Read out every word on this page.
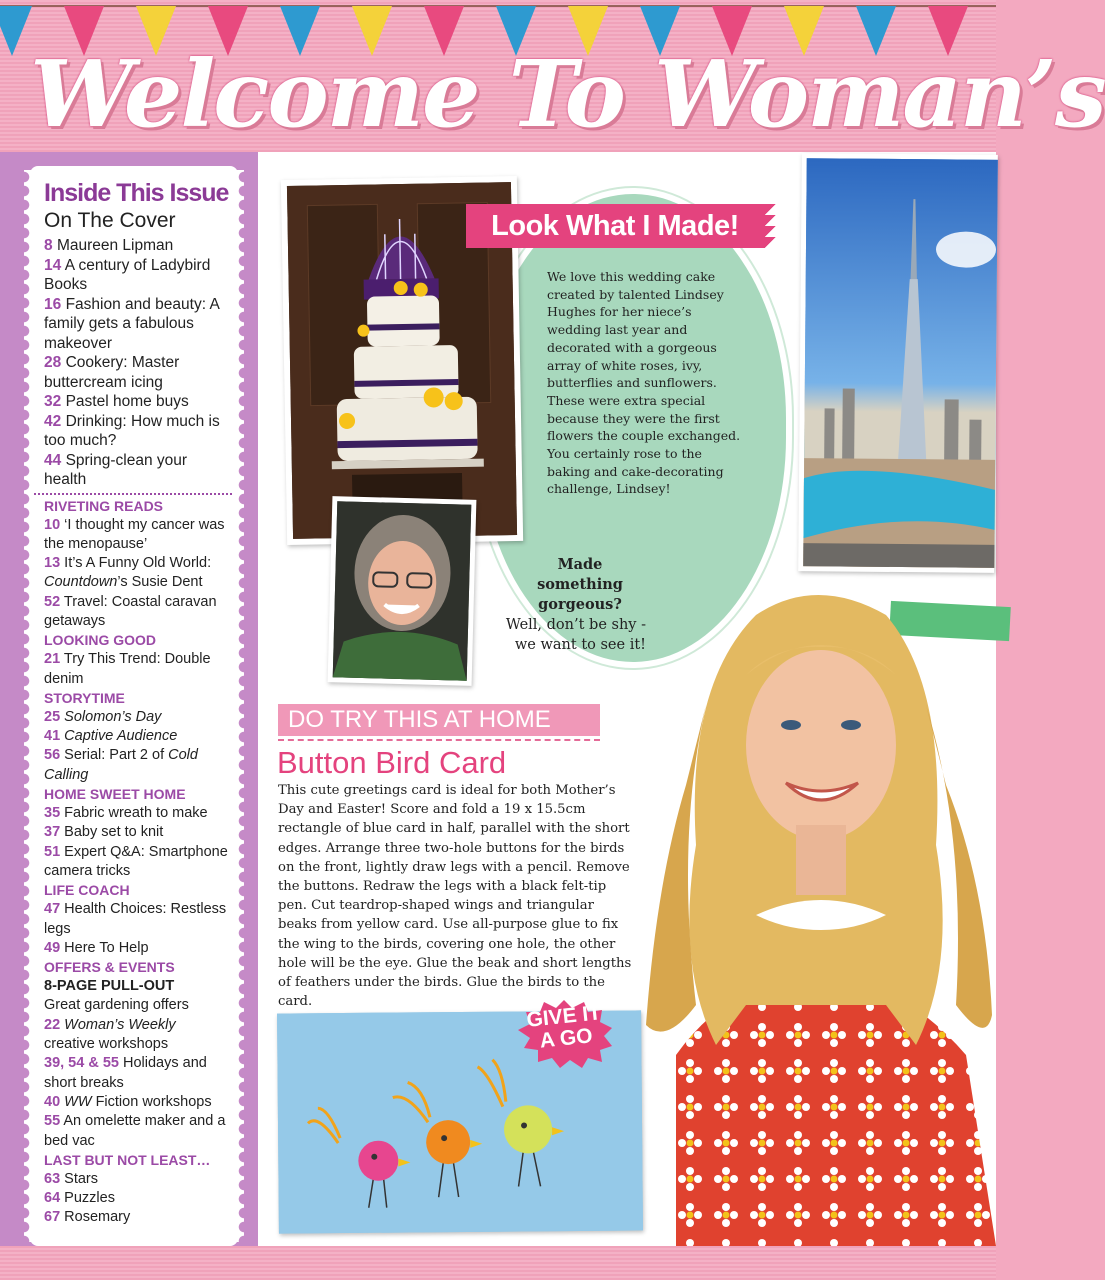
Welcome To Woman’s
Inside This Issue
On The Cover
8 Maureen Lipman
14 A century of Ladybird Books
16 Fashion and beauty: A family gets a fabulous makeover
28 Cookery: Master buttercream icing
32 Pastel home buys
42 Drinking: How much is too much?
44 Spring-clean your health
RIVETING READS
10 ‘I thought my cancer was the menopause’
13 It’s A Funny Old World: Countdown’s Susie Dent
52 Travel: Coastal caravan getaways
LOOKING GOOD
21 Try This Trend: Double denim
STORYTIME
25 Solomon’s Day
41 Captive Audience
56 Serial: Part 2 of Cold Calling
HOME SWEET HOME
35 Fabric wreath to make
37 Baby set to knit
51 Expert Q&A: Smartphone camera tricks
LIFE COACH
47 Health Choices: Restless legs
49 Here To Help
OFFERS & EVENTS
8-PAGE PULL-OUT
Great gardening offers
22 Woman’s Weekly creative workshops
39, 54 & 55 Holidays and short breaks
40 WW Fiction workshops
55 An omelette maker and a bed vac
LAST BUT NOT LEAST…
63 Stars
64 Puzzles
67 Rosemary
Look What I Made!
We love this wedding cake created by talented Lindsey Hughes for her niece’s wedding last year and decorated with a gorgeous array of white roses, ivy, butterflies and sunflowers. These were extra special because they were the first flowers the couple exchanged. You certainly rose to the baking and cake-decorating challenge, Lindsey!
Made something gorgeous?
Well, don’t be shy - we want to see it!
DO TRY THIS AT HOME
Button Bird Card
This cute greetings card is ideal for both Mother’s Day and Easter! Score and fold a 19 x 15.5cm rectangle of blue card in half, parallel with the short edges. Arrange three two-hole buttons for the birds on the front, lightly draw legs with a pencil. Remove the buttons. Redraw the legs with a black felt-tip pen. Cut teardrop-shaped wings and triangular beaks from yellow card. Use all-purpose glue to fix the wing to the birds, covering one hole, the other hole will be the eye. Glue the beak and short lengths of feathers under the birds. Glue the birds to the card.	GIVE IT A GO
